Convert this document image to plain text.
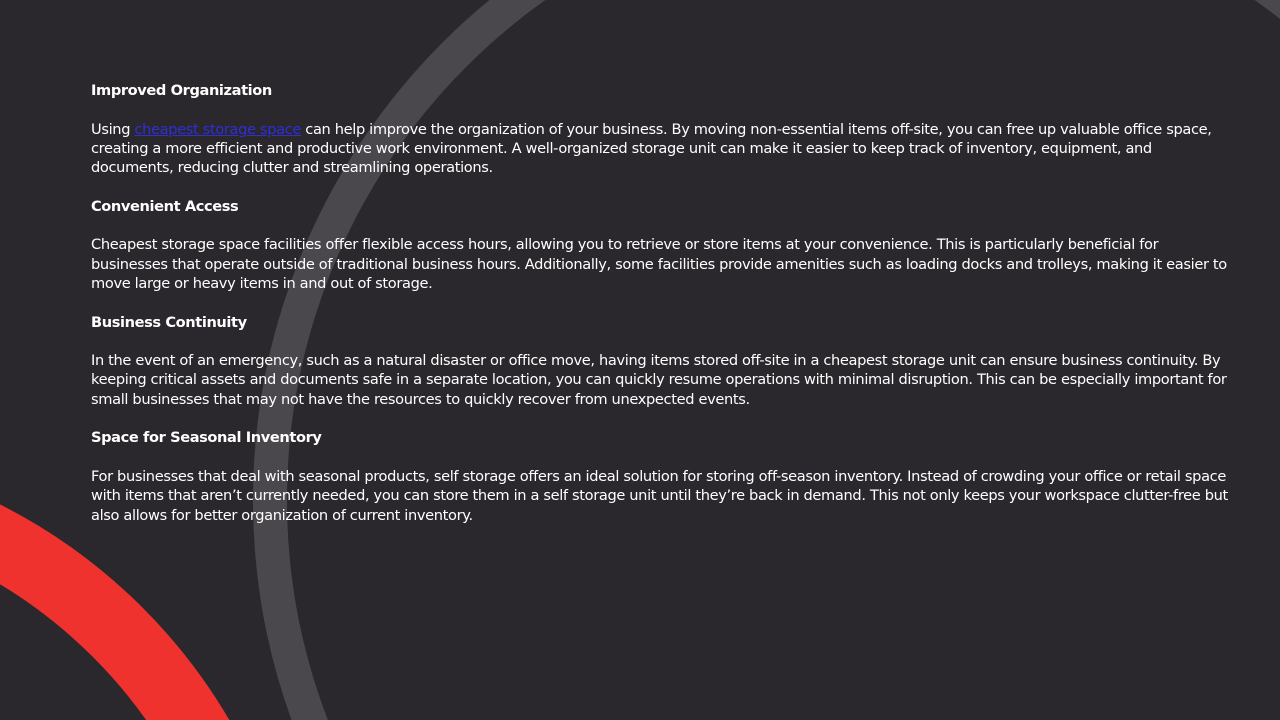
Improved Organization
Using cheapest storage space can help improve the organization of your business. By moving non-essential items off-site, you can free up valuable office space, creating a more efficient and productive work environment. A well-organized storage unit can make it easier to keep track of inventory, equipment, and documents, reducing clutter and streamlining operations.
Convenient Access
Cheapest storage space facilities offer flexible access hours, allowing you to retrieve or store items at your convenience. This is particularly beneficial for businesses that operate outside of traditional business hours. Additionally, some facilities provide amenities such as loading docks and trolleys, making it easier to move large or heavy items in and out of storage.
Business Continuity
In the event of an emergency, such as a natural disaster or office move, having items stored off-site in a cheapest storage unit can ensure business continuity. By keeping critical assets and documents safe in a separate location, you can quickly resume operations with minimal disruption. This can be especially important for small businesses that may not have the resources to quickly recover from unexpected events.
Space for Seasonal Inventory
For businesses that deal with seasonal products, self storage offers an ideal solution for storing off-season inventory. Instead of crowding your office or retail space with items that aren’t currently needed, you can store them in a self storage unit until they’re back in demand. This not only keeps your workspace clutter-free but also allows for better organization of current inventory.
